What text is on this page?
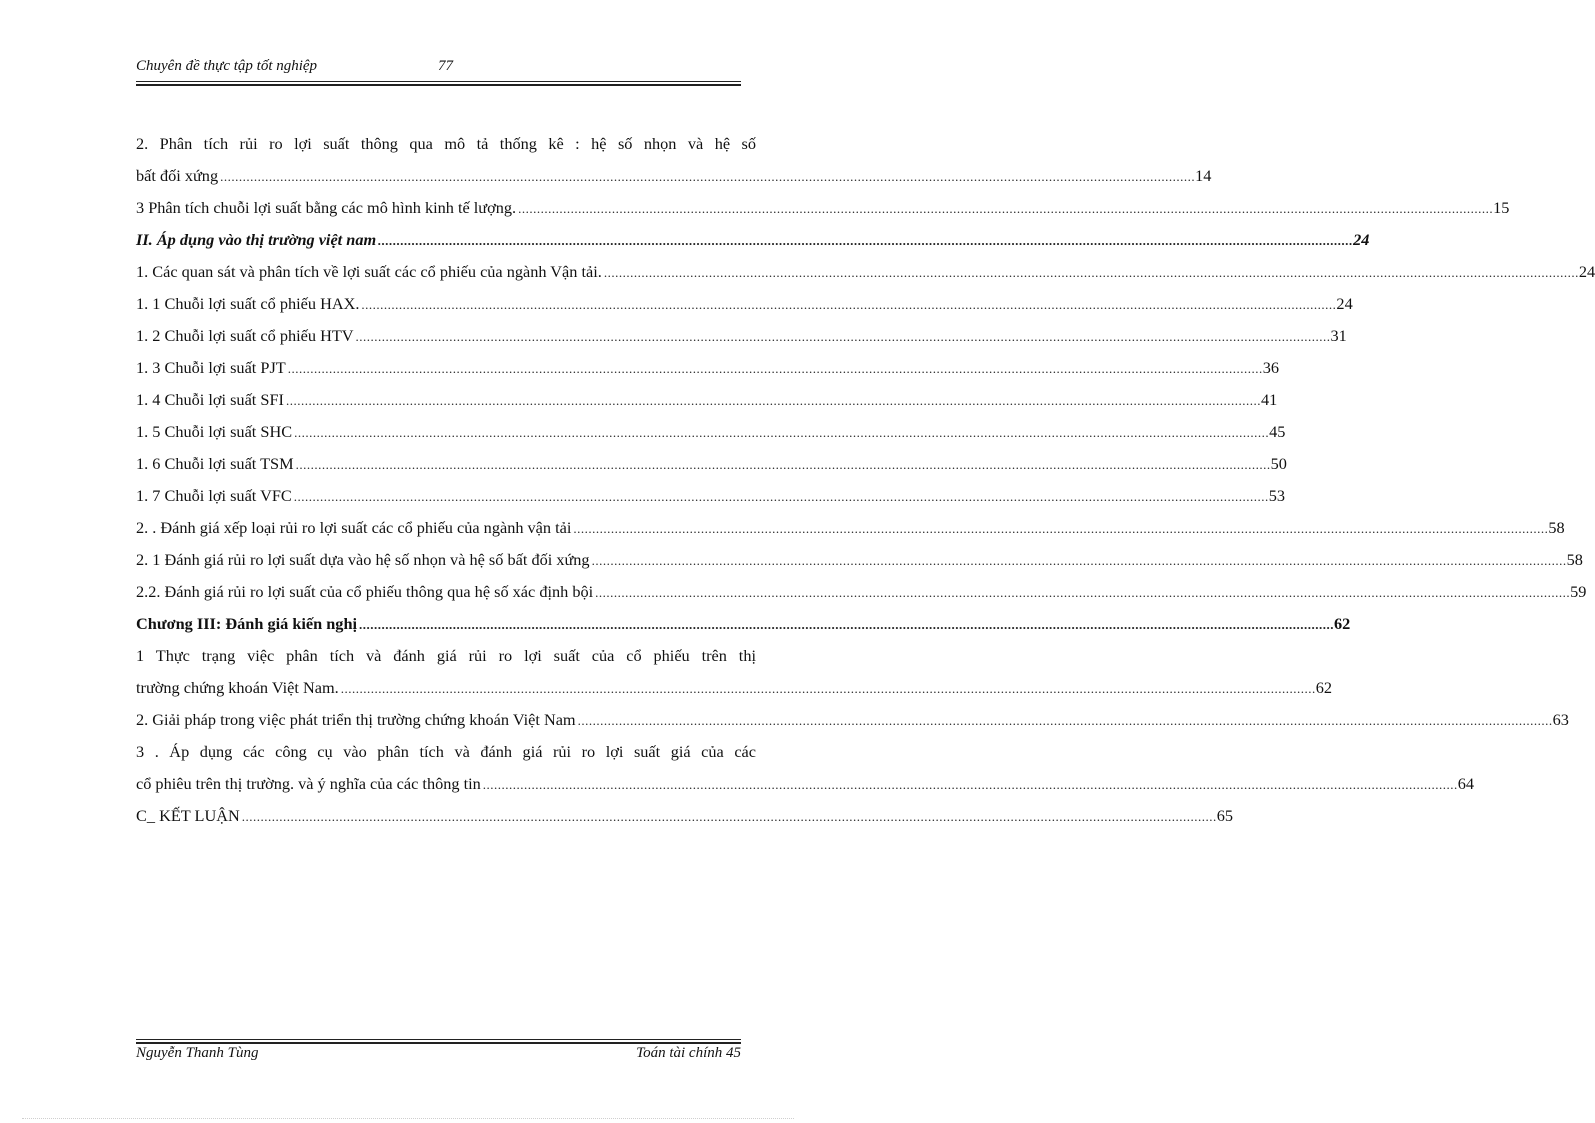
Chuyên đề thực tập tốt nghiệp	77
2. Phân tích rủi ro lợi suất thông qua mô tả thống kê : hệ số nhọn và hệ số
bất đối xứng .................................................................................................................................................................................................................................................................... 14
3 Phân tích chuỗi lợi suất bằng các mô hình kinh tế lượng. .................................................................................................................................................................................................................................................................... 15
II. Áp dụng vào thị trường việt nam .................................................................................................................................................................................................................................................................... 24
1. Các quan sát và phân tích về lợi suất các cổ phiếu của ngành Vận tải. .................................................................................................................................................................................................................................................................... 24
1. 1 Chuỗi lợi suất cổ phiếu HAX. .................................................................................................................................................................................................................................................................... 24
1. 2 Chuỗi lợi suất cổ phiếu HTV .................................................................................................................................................................................................................................................................... 31
1. 3 Chuỗi lợi suất PJT .................................................................................................................................................................................................................................................................... 36
1. 4 Chuỗi lợi suất SFI .................................................................................................................................................................................................................................................................... 41
1. 5 Chuỗi lợi suất SHC .................................................................................................................................................................................................................................................................... 45
1. 6 Chuỗi lợi suất TSM .................................................................................................................................................................................................................................................................... 50
1. 7 Chuỗi lợi suất VFC .................................................................................................................................................................................................................................................................... 53
2. . Đánh giá xếp loại rủi ro lợi suất các cổ phiếu của ngành vận tải .................................................................................................................................................................................................................................................................... 58
2. 1 Đánh giá rủi ro lợi suất dựa vào hệ số nhọn và hệ số bất đối xứng .................................................................................................................................................................................................................................................................... 58
2.2. Đánh giá rủi ro lợi suất của cổ phiếu thông qua hệ số xác định bội .................................................................................................................................................................................................................................................................... 59
Chương III: Đánh giá kiến nghị .................................................................................................................................................................................................................................................................... 62
1 Thực trạng việc phân tích và đánh giá rủi ro lợi suất của cổ phiếu trên thị
trường chứng khoán Việt Nam. .................................................................................................................................................................................................................................................................... 62
2. Giải pháp trong việc phát triển thị trường chứng khoán Việt Nam .................................................................................................................................................................................................................................................................... 63
3 . Áp dụng các công cụ vào phân tích và đánh giá rủi ro lợi suất giá của các
cổ phiêu trên thị trường. và ý nghĩa của các thông tin .................................................................................................................................................................................................................................................................... 64
C_ KẾT LUẬN .................................................................................................................................................................................................................................................................... 65
Nguyễn Thanh Tùng	Toán tài chính 45
